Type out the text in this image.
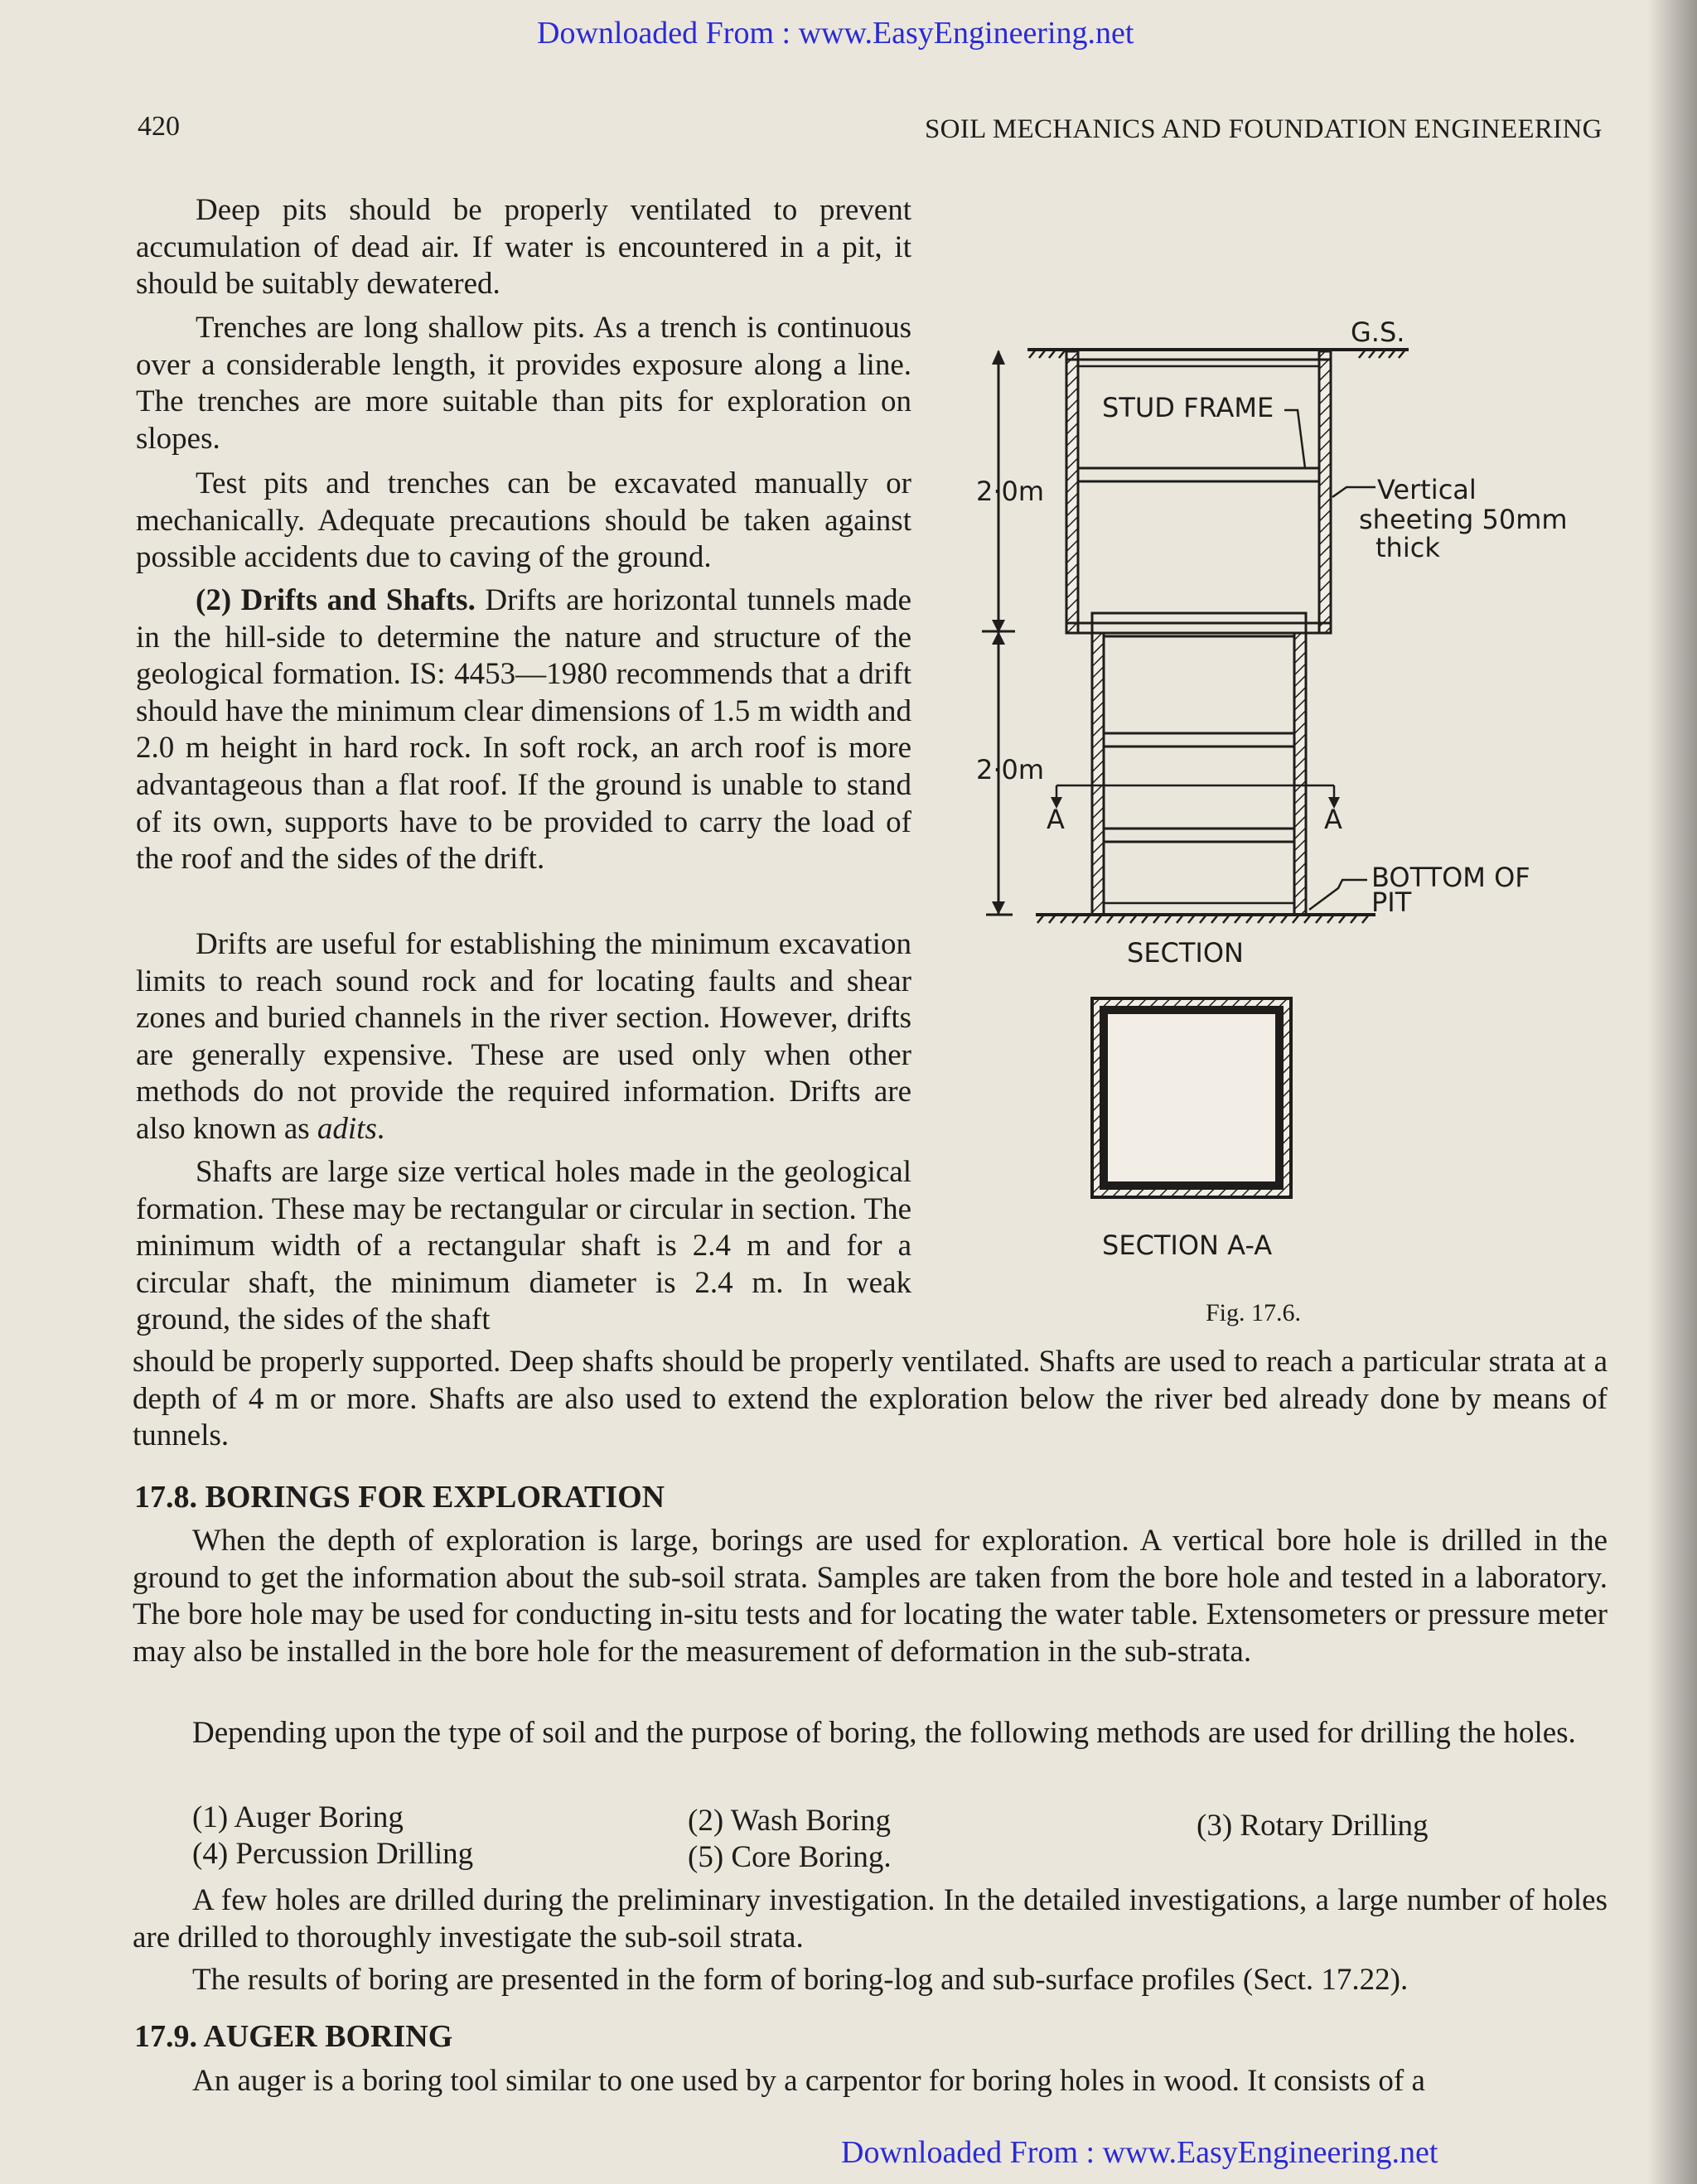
Downloaded From : www.EasyEngineering.net
420	SOIL MECHANICS AND FOUNDATION ENGINEERING

Deep pits should be properly ventilated to prevent accumulation of dead air. If water is encountered in a pit, it should be suitably dewatered.

Trenches are long shallow pits. As a trench is continuous over a considerable length, it provides exposure along a line. The trenches are more suitable than pits for exploration on slopes.

Test pits and trenches can be excavated manually or mechanically. Adequate precautions should be taken against possible accidents due to caving of the ground.

(2) Drifts and Shafts. Drifts are horizontal tunnels made in the hill-side to determine the nature and structure of the geological formation. IS: 4453—1980 recommends that a drift should have the minimum clear dimensions of 1.5 m width and 2.0 m height in hard rock. In soft rock, an arch roof is more advantageous than a flat roof. If the ground is unable to stand of its own, supports have to be provided to carry the load of the roof and the sides of the drift.

Drifts are useful for establishing the minimum excavation limits to reach sound rock and for locating faults and shear zones and buried channels in the river section. However, drifts are generally expensive. These are used only when other methods do not provide the required information. Drifts are also known as adits.

Shafts are large size vertical holes made in the geological formation. These may be rectangular or circular in section. The minimum width of a rectangular shaft is 2.4 m and for a circular shaft, the minimum diameter is 2.4 m. In weak ground, the sides of the shaft

should be properly supported. Deep shafts should be properly ventilated. Shafts are used to reach a particular strata at a depth of 4 m or more. Shafts are also used to extend the exploration below the river bed already done by means of tunnels.

17.8. BORINGS FOR EXPLORATION

When the depth of exploration is large, borings are used for exploration. A vertical bore hole is drilled in the ground to get the information about the sub-soil strata. Samples are taken from the bore hole and tested in a laboratory. The bore hole may be used for conducting in-situ tests and for locating the water table. Extensometers or pressure meter may also be installed in the bore hole for the measurement of deformation in the sub-strata.

Depending upon the type of soil and the purpose of boring, the following methods are used for drilling the holes.

(1) Auger Boring	(2) Wash Boring	(3) Rotary Drilling
(4) Percussion Drilling	(5) Core Boring.

A few holes are drilled during the preliminary investigation. In the detailed investigations, a large number of holes are drilled to thoroughly investigate the sub-soil strata.

The results of boring are presented in the form of boring-log and sub-surface profiles (Sect. 17.22).

17.9. AUGER BORING

An auger is a boring tool similar to one used by a carpentor for boring holes in wood. It consists of a

Downloaded From : www.EasyEngineering.net
G.S.
STUD FRAME
2·0m
2·0m
Vertical
sheeting 50mm
thick
A	A
BOTTOM OF
PIT
SECTION
SECTION A-A
Fig. 17.6.
